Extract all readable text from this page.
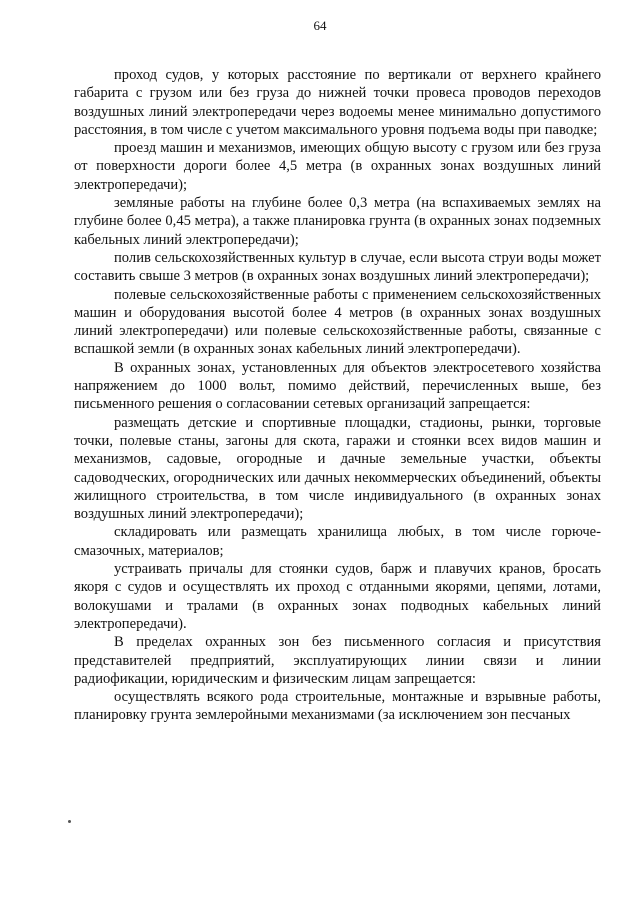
64

проход судов, у которых расстояние по вертикали от верхнего крайнего габарита с грузом или без груза до нижней точки провеса проводов переходов воздушных линий электропередачи через водоемы менее минимально допустимого расстояния, в том числе с учетом максимального уровня подъема воды при паводке;

проезд машин и механизмов, имеющих общую высоту с грузом или без груза от поверхности дороги более 4,5 метра (в охранных зонах воздушных линий электропередачи);

земляные работы на глубине более 0,3 метра (на вспахиваемых землях на глубине более 0,45 метра), а также планировка грунта (в охранных зонах подземных кабельных линий электропередачи);

полив сельскохозяйственных культур в случае, если высота струи воды может составить свыше 3 метров (в охранных зонах воздушных линий электропередачи);

полевые сельскохозяйственные работы с применением сельскохозяйственных машин и оборудования высотой более 4 метров (в охранных зонах воздушных линий электропередачи) или полевые сельскохозяйственные работы, связанные с вспашкой земли (в охранных зонах кабельных линий электропередачи).

В охранных зонах, установленных для объектов электросетевого хозяйства напряжением до 1000 вольт, помимо действий, перечисленных выше, без письменного решения о согласовании сетевых организаций запрещается:

размещать детские и спортивные площадки, стадионы, рынки, торговые точки, полевые станы, загоны для скота, гаражи и стоянки всех видов машин и механизмов, садовые, огородные и дачные земельные участки, объекты садоводческих, огороднических или дачных некоммерческих объединений, объекты жилищного строительства, в том числе индивидуального (в охранных зонах воздушных линий электропередачи);

складировать или размещать хранилища любых, в том числе горюче-смазочных, материалов;

устраивать причалы для стоянки судов, барж и плавучих кранов, бросать якоря с судов и осуществлять их проход с отданными якорями, цепями, лотами, волокушами и тралами (в охранных зонах подводных кабельных линий электропередачи).

В пределах охранных зон без письменного согласия и присутствия представителей предприятий, эксплуатирующих линии связи и линии радиофикации, юридическим и физическим лицам запрещается:

осуществлять всякого рода строительные, монтажные и взрывные работы, планировку грунта землеройными механизмами (за исключением зон песчаных
